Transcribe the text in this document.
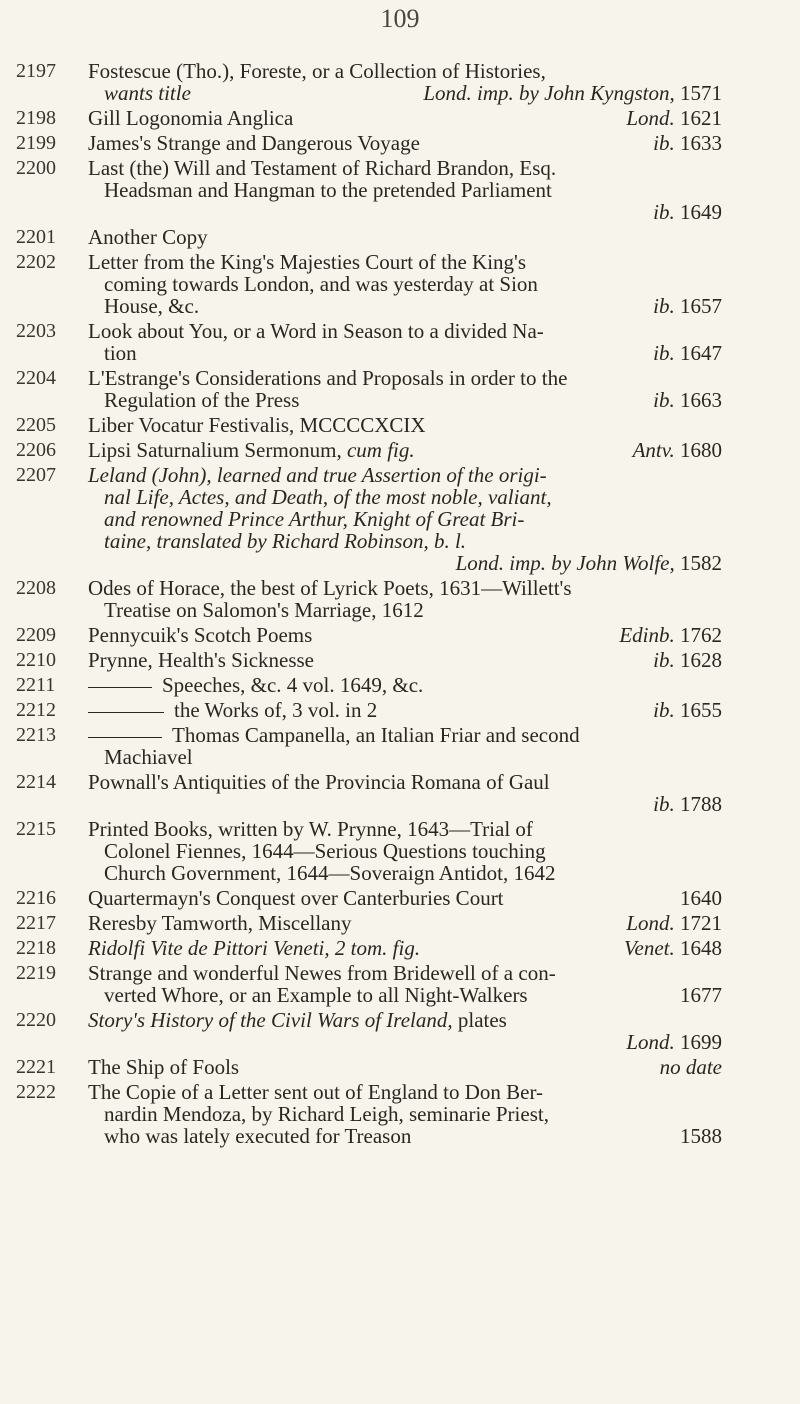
109
2197	Fostescue (Tho.), Foreste, or a Collection of Histories,
wants title	Lond. imp. by John Kyngston, 1571
2198	Gill Logonomia Anglica	Lond. 1621
2199	James's Strange and Dangerous Voyage	ib. 1633
2200	Last (the) Will and Testament of Richard Brandon, Esq.
Headsman and Hangman to the pretended Parliament
ib. 1649
2201	Another Copy
2202	Letter from the King's Majesties Court of the King's
coming towards London, and was yesterday at Sion
House, &c.	ib. 1657
2203	Look about You, or a Word in Season to a divided Na-
tion	ib. 1647
2204	L'Estrange's Considerations and Proposals in order to the
Regulation of the Press	ib. 1663
2205	Liber Vocatur Festivalis, MCCCCXCIX
2206	Lipsi Saturnalium Sermonum, cum fig.	Antv. 1680
2207	Leland (John), learned and true Assertion of the origi-
nal Life, Actes, and Death, of the most noble, valiant,
and renowned Prince Arthur, Knight of Great Bri-
taine, translated by Richard Robinson, b. l.
Lond. imp. by John Wolfe, 1582
2208	Odes of Horace, the best of Lyrick Poets, 1631—Willett's
Treatise on Salomon's Marriage, 1612
2209	Pennycuik's Scotch Poems	Edinb. 1762
2210	Prynne, Health's Sicknesse	ib. 1628
2211	Speeches, &c. 4 vol. 1649, &c.
2212	the Works of, 3 vol. in 2	ib. 1655
2213	Thomas Campanella, an Italian Friar and second
Machiavel
2214	Pownall's Antiquities of the Provincia Romana of Gaul
ib. 1788
2215	Printed Books, written by W. Prynne, 1643—Trial of
Colonel Fiennes, 1644—Serious Questions touching
Church Government, 1644—Soveraign Antidot, 1642
2216	Quartermayn's Conquest over Canterburies Court	1640
2217	Reresby Tamworth, Miscellany	Lond. 1721
2218	Ridolfi Vite de Pittori Veneti, 2 tom. fig.	Venet. 1648
2219	Strange and wonderful Newes from Bridewell of a con-
verted Whore, or an Example to all Night-Walkers	1677
2220	Story's History of the Civil Wars of Ireland, plates
Lond. 1699
2221	The Ship of Fools	no date
2222	The Copie of a Letter sent out of England to Don Ber-
nardin Mendoza, by Richard Leigh, seminarie Priest,
who was lately executed for Treason	1588
